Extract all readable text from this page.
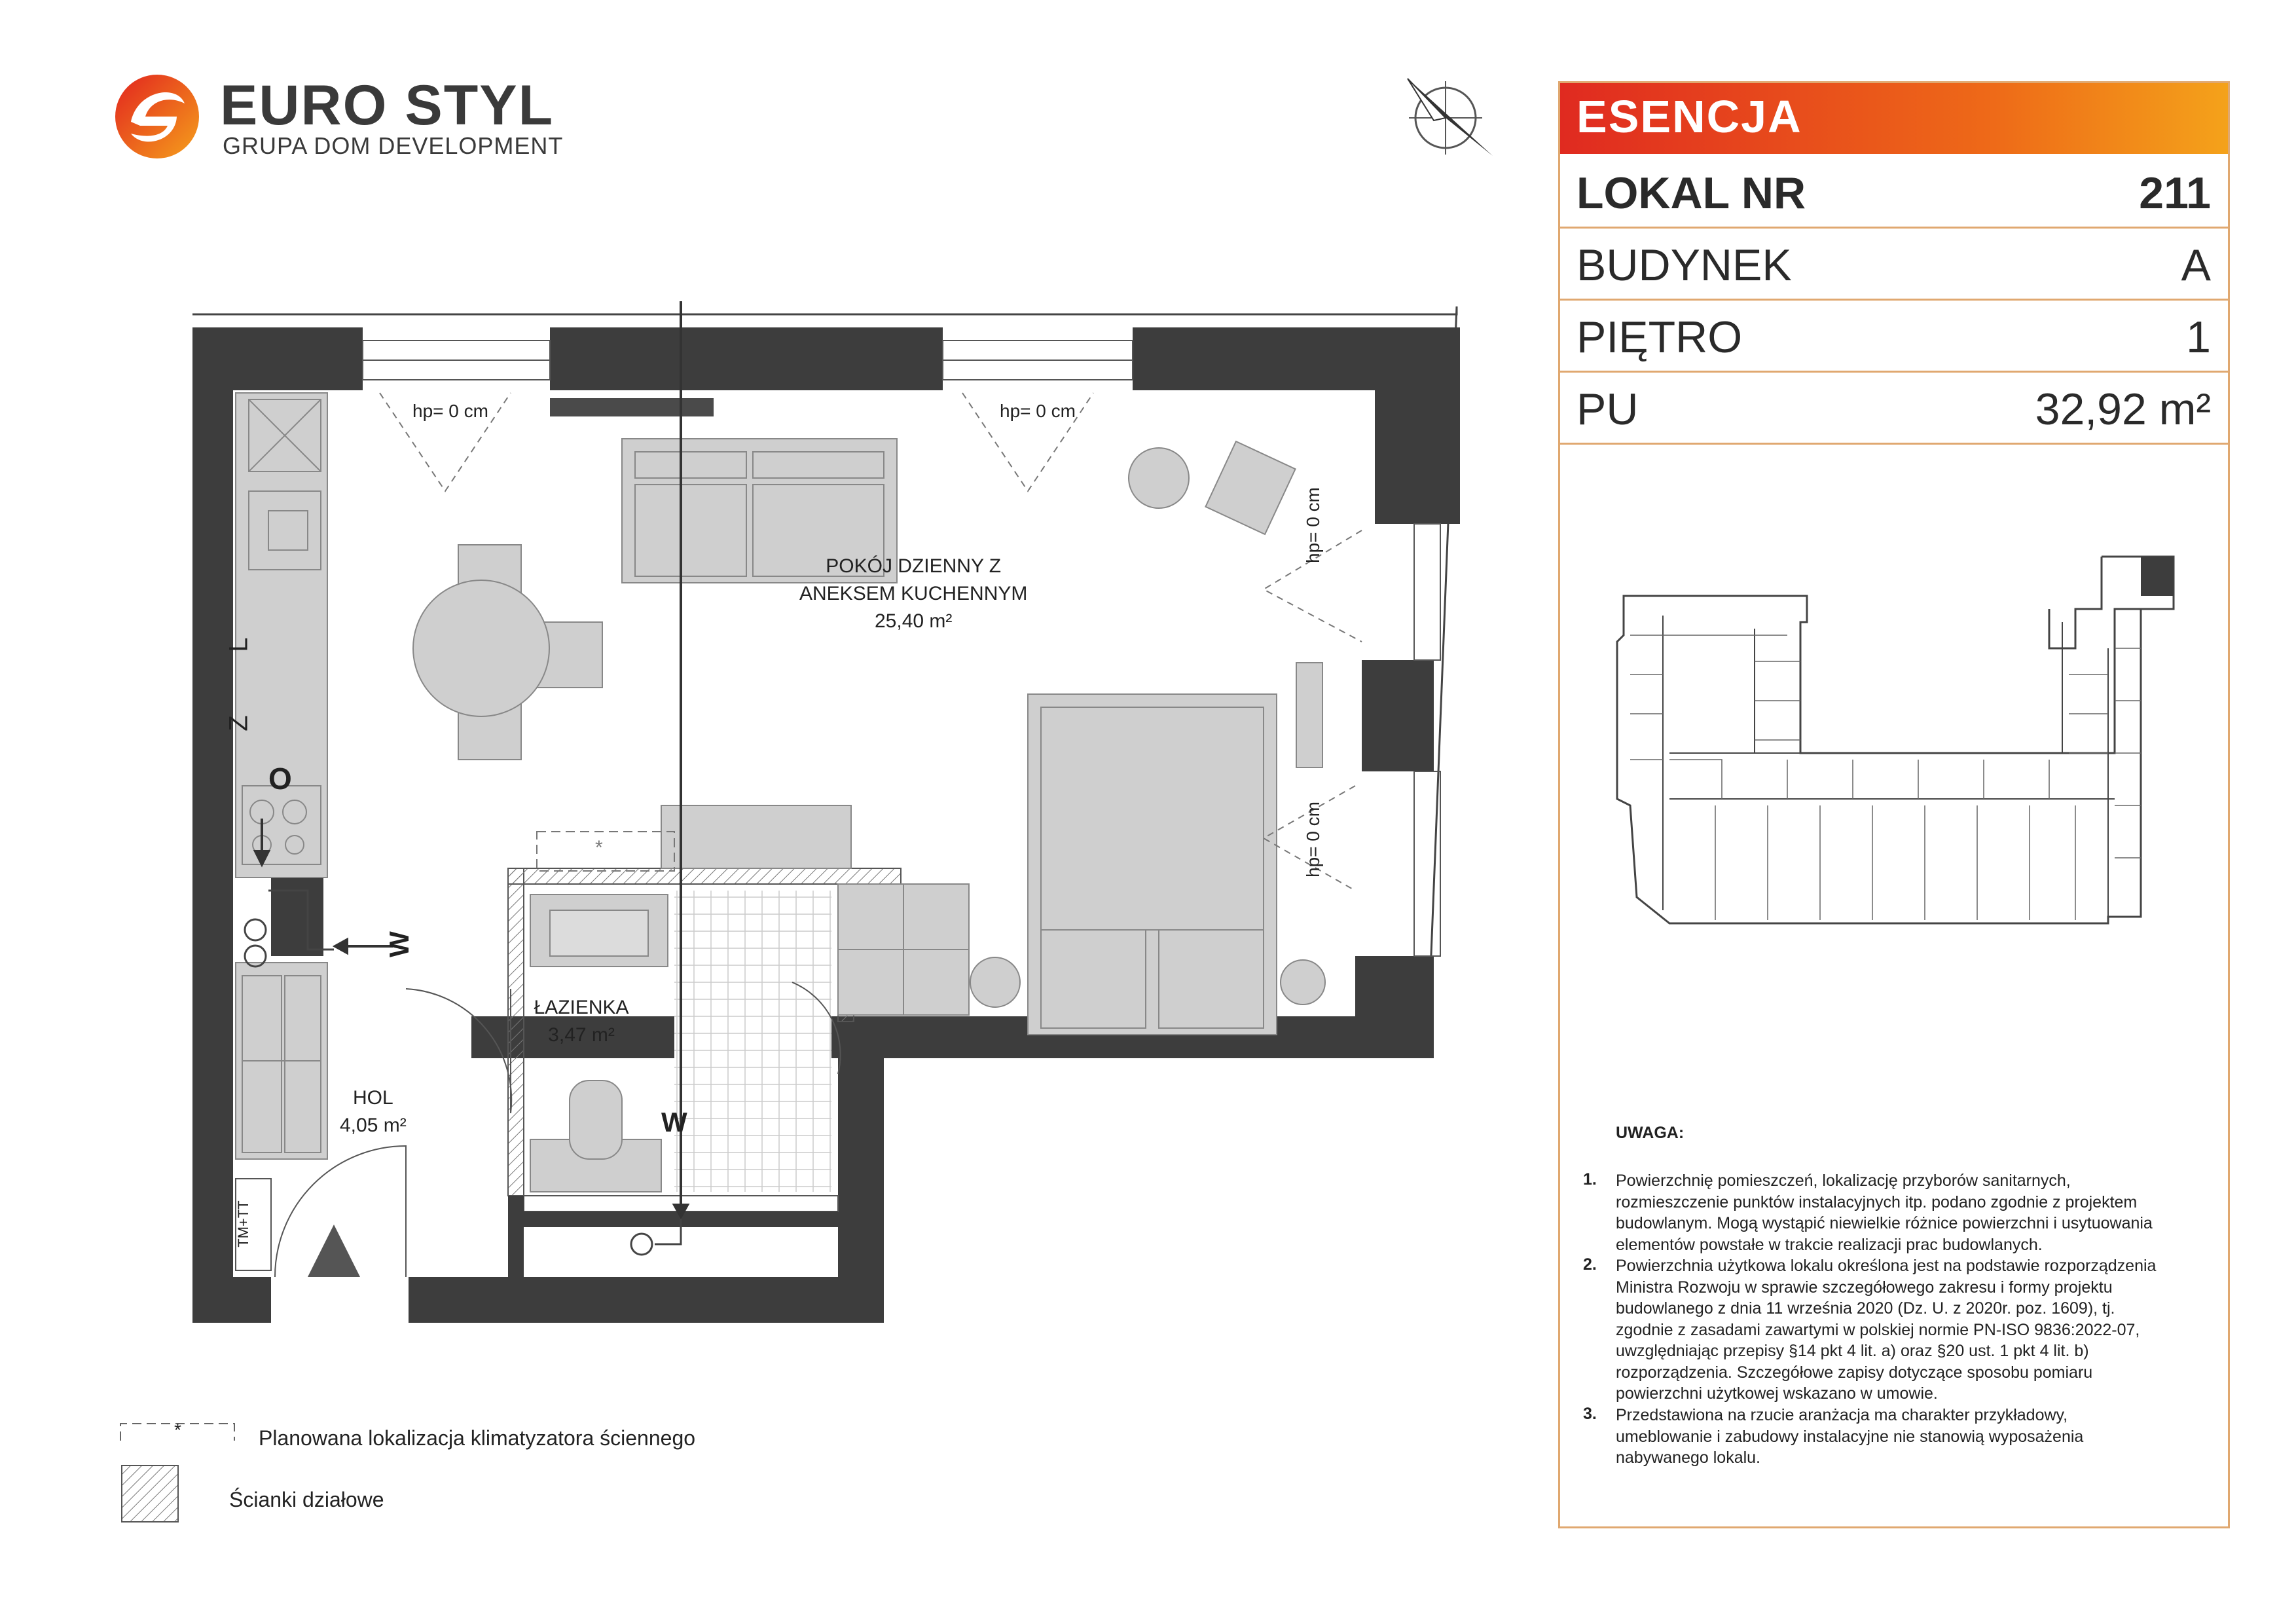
EURO STYL
GRUPA DOM DEVELOPMENT
ESENCJA
LOKAL NR	211
BUDYNEK	A
PIĘTRO	1
PU	32,92 m²
UWAGA:
1. Powierzchnię pomieszczeń, lokalizację przyborów sanitarnych,
rozmieszczenie punktów instalacyjnych itp. podano zgodnie z projektem
budowlanym. Mogą wystąpić niewielkie różnice powierzchni i usytuowania
elementów powstałe w trakcie realizacji prac budowlanych.
2. Powierzchnia użytkowa lokalu określona jest na podstawie rozporządzenia
Ministra Rozwoju w sprawie szczegółowego zakresu i formy projektu
budowlanego z dnia 11 września 2020 (Dz. U. z 2020r. poz. 1609), tj.
zgodnie z zasadami zawartymi w polskiej normie PN-ISO 9836:2022-07,
uwzględniając przepisy §14 pkt 4 lit. a) oraz §20 ust. 1 pkt 4 lit. b)
rozporządzenia. Szczegółowe zapisy dotyczące sposobu pomiaru
powierzchni użytkowej wskazano w umowie.
3. Przedstawiona na rzucie aranżacja ma charakter przykładowy,
umeblowanie i zabudowy instalacyjne nie stanowią wyposażenia
nabywanego lokalu.
POKÓJ DZIENNY Z
ANEKSEM KUCHENNYM
25,40 m²
ŁAZIENKA
3,47 m²
HOL
4,05 m²
hp= 0 cm	hp= 0 cm
hp= 0 cm
hp= 0 cm
L
Z
O
W
W
TM+TT
*
*	Planowana lokalizacja klimatyzatora ściennego
Ścianki działowe
